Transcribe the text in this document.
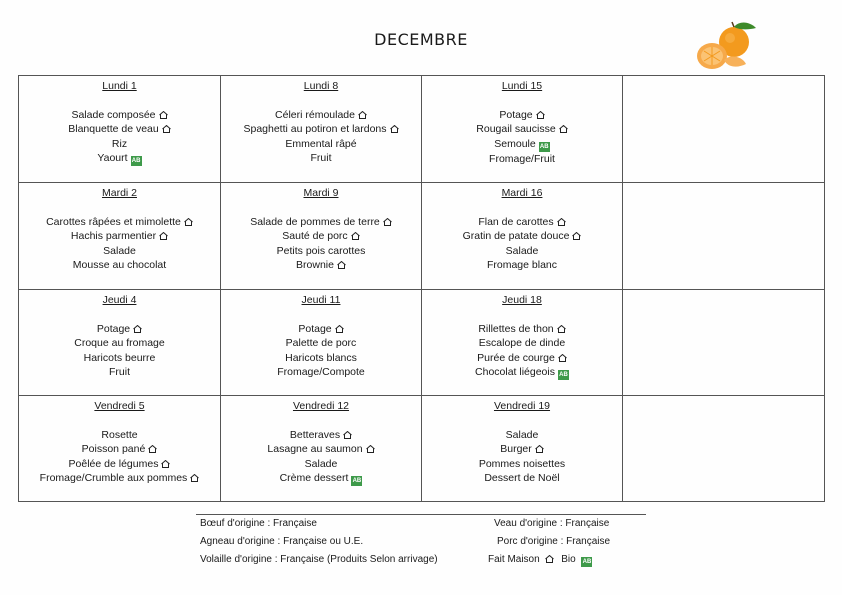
DECEMBRE
Lundi 1
Salade composée
Blanquette de veau
Riz
Yaourt AB
Lundi 8
Céleri rémoulade
Spaghetti au potiron et lardons
Emmental râpé
Fruit
Lundi 15
Potage
Rougail saucisse
Semoule AB
Fromage/Fruit
Mardi 2
Carottes râpées et mimolette
Hachis parmentier
Salade
Mousse au chocolat
Mardi 9
Salade de pommes de terre
Sauté de porc
Petits pois carottes
Brownie
Mardi 16
Flan de carottes
Gratin de patate douce
Salade
Fromage blanc
Jeudi 4
Potage
Croque au fromage
Haricots beurre
Fruit
Jeudi 11
Potage
Palette de porc
Haricots blancs
Fromage/Compote
Jeudi 18
Rillettes de thon
Escalope de dinde
Purée de courge
Chocolat liégeois AB
Vendredi 5
Rosette
Poisson pané
Poêlée de légumes
Fromage/Crumble aux pommes
Vendredi 12
Betteraves
Lasagne au saumon
Salade
Crème dessert AB
Vendredi 19
Salade
Burger
Pommes noisettes
Dessert de Noël
Bœuf d'origine : Française
Agneau d'origine : Française ou U.E.
Volaille d'origine : Française (Produits Selon arrivage)
Veau d'origine : Française
Porc d'origine : Française
Fait Maison Bio AB
